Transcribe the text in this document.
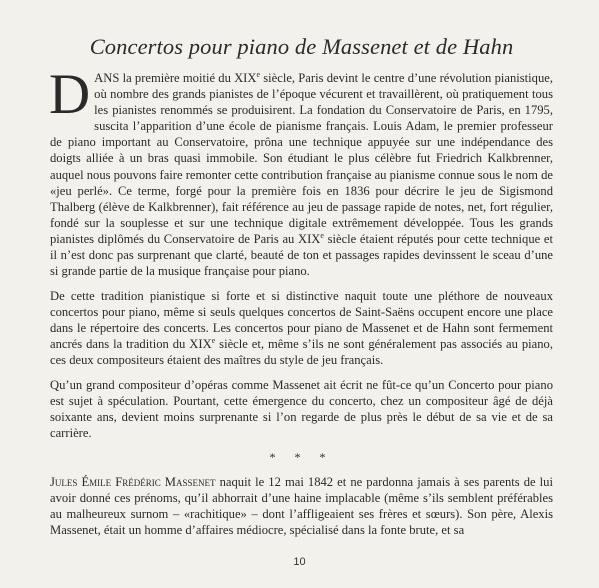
Concertos pour piano de Massenet et de Hahn

DANS la première moitié du XIXe siècle, Paris devint le centre d’une révolution pianistique, où nombre des grands pianistes de l’époque vécurent et travaillèrent, où pratiquement tous les pianistes renommés se produisirent. La fondation du Conservatoire de Paris, en 1795, suscita l’apparition d’une école de pianisme français. Louis Adam, le premier professeur de piano important au Conservatoire, prôna une technique appuyée sur une indépendance des doigts alliée à un bras quasi immobile. Son étudiant le plus célèbre fut Friedrich Kalkbrenner, auquel nous pouvons faire remonter cette contribution française au pianisme connue sous le nom de «jeu perlé». Ce terme, forgé pour la première fois en 1836 pour décrire le jeu de Sigismond Thalberg (élève de Kalkbrenner), fait référence au jeu de passage rapide de notes, net, fort régulier, fondé sur la souplesse et sur une technique digitale extrêmement développée. Tous les grands pianistes diplômés du Conservatoire de Paris au XIXe siècle étaient réputés pour cette technique et il n’est donc pas surprenant que clarté, beauté de ton et passages rapides devinssent le sceau d’une si grande partie de la musique française pour piano.

De cette tradition pianistique si forte et si distinctive naquit toute une pléthore de nouveaux concertos pour piano, même si seuls quelques concertos de Saint-Saëns occupent encore une place dans le répertoire des concerts. Les concertos pour piano de Massenet et de Hahn sont fermement ancrés dans la tradition du XIXe siècle et, même s’ils ne sont généralement pas associés au piano, ces deux compositeurs étaient des maîtres du style de jeu français.

Qu’un grand compositeur d’opéras comme Massenet ait écrit ne fût-ce qu’un Concerto pour piano est sujet à spéculation. Pourtant, cette émergence du concerto, chez un compositeur âgé de déjà soixante ans, devient moins surprenante si l’on regarde de plus près le début de sa vie et de sa carrière.

* * *

Jules Émile Frédéric Massenet naquit le 12 mai 1842 et ne pardonna jamais à ses parents de lui avoir donné ces prénoms, qu’il abhorrait d’une haine implacable (même s’ils semblent préférables au malheureux surnom – «rachitique» – dont l’affligeaient ses frères et sœurs). Son père, Alexis Massenet, était un homme d’affaires médiocre, spécialisé dans la fonte brute, et sa

10
